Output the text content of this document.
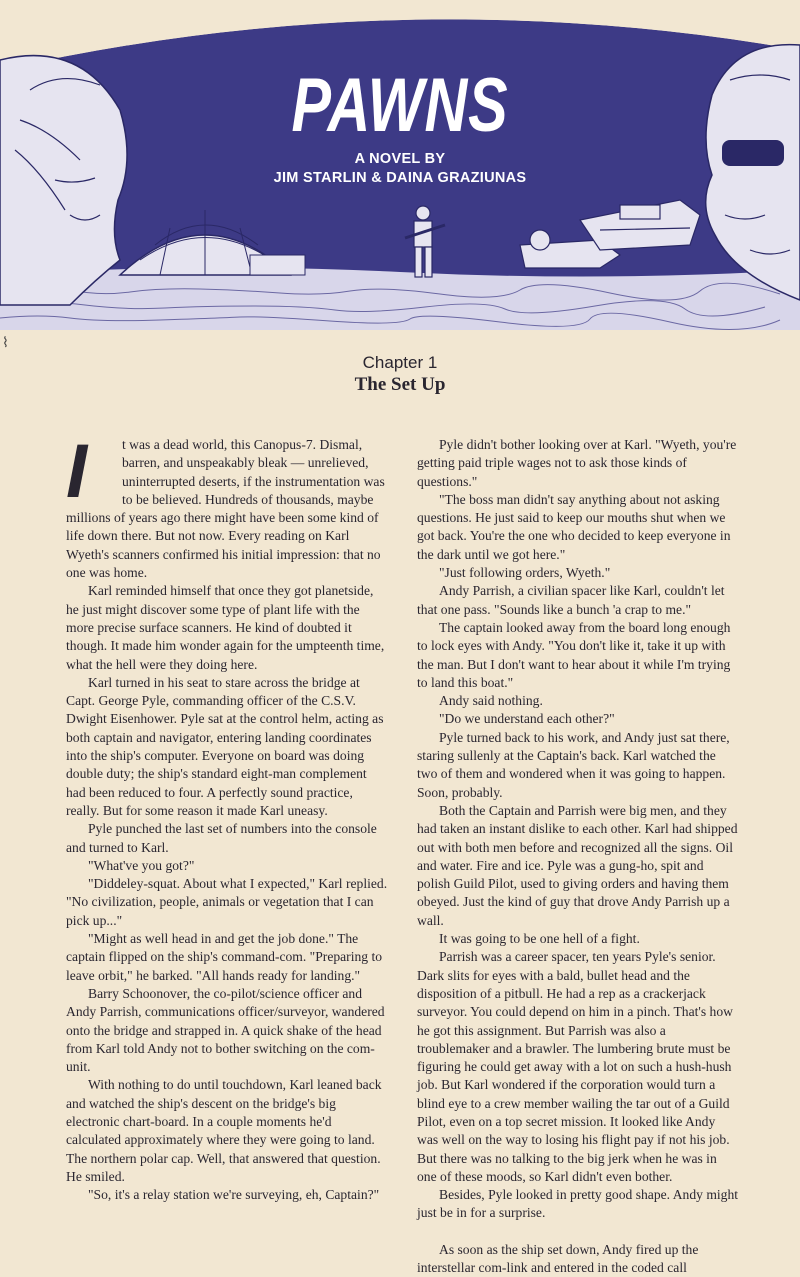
PAWNS
A NOVEL BY
JIM STARLIN & DAINA GRAZIUNAS
⌇
Chapter 1
The Set Up
I	t was a dead world, this Canopus-7. Dismal, barren, and unspeakably bleak — unrelieved, uninterrupted deserts, if the instrumentation was to be believed. Hundreds of thousands, maybe millions of years ago there might have been some kind of life down there. But not now. Every reading on Karl Wyeth's scanners confirmed his initial impression: that no one was home.

Karl reminded himself that once they got planetside, he just might discover some type of plant life with the more precise surface scanners. He kind of doubted it though. It made him wonder again for the umpteenth time, what the hell were they doing here.

Karl turned in his seat to stare across the bridge at Capt. George Pyle, commanding officer of the C.S.V. Dwight Eisenhower. Pyle sat at the control helm, acting as both captain and navigator, entering landing coordinates into the ship's computer. Everyone on board was doing double duty; the ship's standard eight-man complement had been reduced to four. A perfectly sound practice, really. But for some reason it made Karl uneasy.

Pyle punched the last set of numbers into the console and turned to Karl.

"What've you got?"

"Diddeley-squat. About what I expected," Karl replied. "No civilization, people, animals or vegetation that I can pick up..."

"Might as well head in and get the job done." The captain flipped on the ship's command-com. "Preparing to leave orbit," he barked. "All hands ready for landing."

Barry Schoonover, the co-pilot/science officer and Andy Parrish, communications officer/surveyor, wandered onto the bridge and strapped in. A quick shake of the head from Karl told Andy not to bother switching on the com-unit.

With nothing to do until touchdown, Karl leaned back and watched the ship's descent on the bridge's big electronic chart-board. In a couple moments he'd calculated approximately where they were going to land. The northern polar cap. Well, that answered that question. He smiled.

"So, it's a relay station we're surveying, eh, Captain?"

Pyle didn't bother looking over at Karl. "Wyeth, you're getting paid triple wages not to ask those kinds of questions."

"The boss man didn't say anything about not asking questions. He just said to keep our mouths shut when we got back. You're the one who decided to keep everyone in the dark until we got here."

"Just following orders, Wyeth."

Andy Parrish, a civilian spacer like Karl, couldn't let that one pass. "Sounds like a bunch 'a crap to me."

The captain looked away from the board long enough to lock eyes with Andy. "You don't like it, take it up with the man. But I don't want to hear about it while I'm trying to land this boat."

Andy said nothing.

"Do we understand each other?"

Pyle turned back to his work, and Andy just sat there, staring sullenly at the Captain's back. Karl watched the two of them and wondered when it was going to happen. Soon, probably.

Both the Captain and Parrish were big men, and they had taken an instant dislike to each other. Karl had shipped out with both men before and recognized all the signs. Oil and water. Fire and ice. Pyle was a gung-ho, spit and polish Guild Pilot, used to giving orders and having them obeyed. Just the kind of guy that drove Andy Parrish up a wall.

It was going to be one hell of a fight.

Parrish was a career spacer, ten years Pyle's senior. Dark slits for eyes with a bald, bullet head and the disposition of a pitbull. He had a rep as a crackerjack surveyor. You could depend on him in a pinch. That's how he got this assignment. But Parrish was also a troublemaker and a brawler. The lumbering brute must be figuring he could get away with a lot on such a hush-hush job. But Karl wondered if the corporation would turn a blind eye to a crew member wailing the tar out of a Guild Pilot, even on a top secret mission. It looked like Andy was well on the way to losing his flight pay if not his job. But there was no talking to the big jerk when he was in one of these moods, so Karl didn't even bother.

Besides, Pyle looked in pretty good shape. Andy might just be in for a surprise.

As soon as the ship set down, Andy fired up the interstellar com-link and entered in the coded call
